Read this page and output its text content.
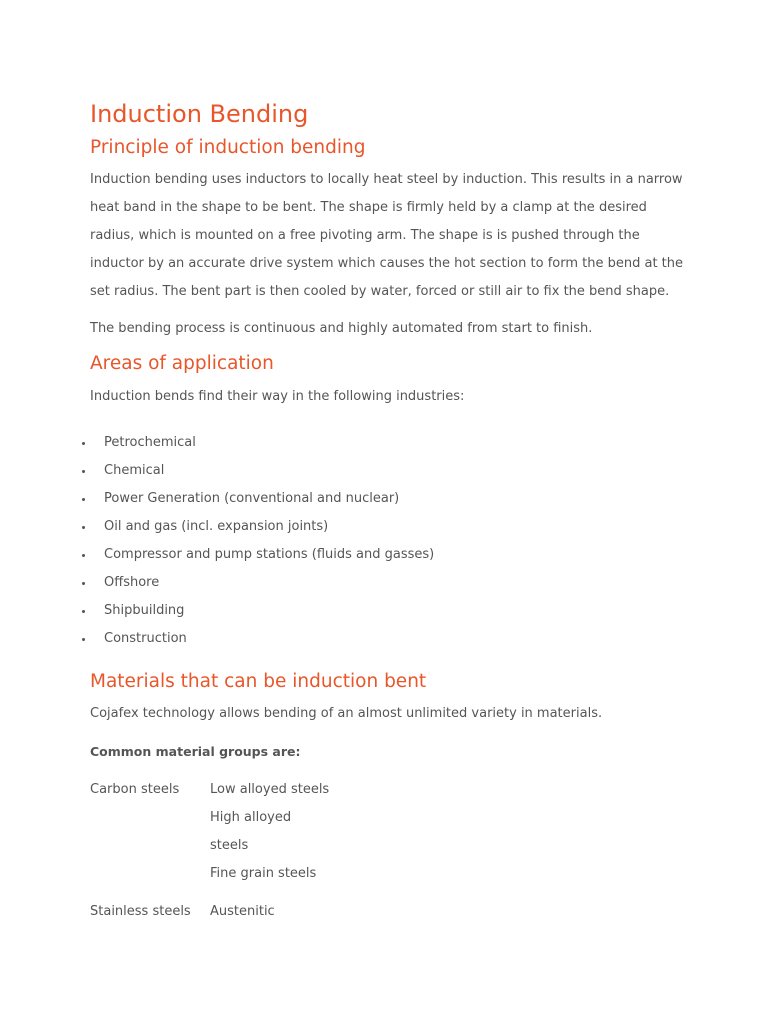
Induction Bending
Principle of induction bending
Induction bending uses inductors to locally heat steel by induction. This results in a narrow
heat band in the shape to be bent. The shape is firmly held by a clamp at the desired
radius, which is mounted on a free pivoting arm. The shape is is pushed through the
inductor by an accurate drive system which causes the hot section to form the bend at the
set radius. The bent part is then cooled by water, forced or still air to fix the bend shape.
The bending process is continuous and highly automated from start to finish.
Areas of application
Induction bends find their way in the following industries:
Petrochemical
Chemical
Power Generation (conventional and nuclear)
Oil and gas (incl. expansion joints)
Compressor and pump stations (fluids and gasses)
Offshore
Shipbuilding
Construction
Materials that can be induction bent
Cojafex technology allows bending of an almost unlimited variety in materials.
Common material groups are:
Carbon steels	Low alloyed steels
High alloyed
steels
Fine grain steels
Stainless steels	Austenitic
